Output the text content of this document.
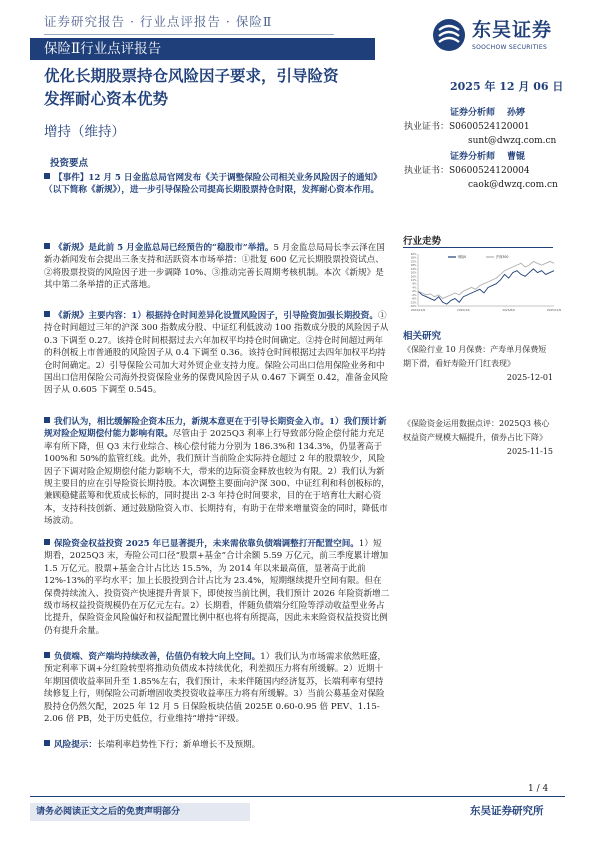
证券研究报告 · 行业点评报告 · 保险Ⅱ
保险Ⅱ行业点评报告
东吴证券
SOOCHOW SECURITIES
优化长期股票持仓风险因子要求，引导险资
发挥耐心资本优势
增持（维持）
2025 年 12 月 06 日
证券分析师 孙婷
执业证书：S0600524120001
sunt@dwzq.com.cn
证券分析师 曹锟
执业证书：S0600524120004
caok@dwzq.com.cn
投资要点
【事件】12 月 5 日金监总局官网发布《关于调整保险公司相关业务风险因子的通知》（以下简称《新规》），进一步引导保险公司提高长期股票持仓时限，发挥耐心资本作用。
《新规》是此前 5 月金监总局已经预告的“稳股市”举措。5 月金监总局局长李云泽在国新办新闻发布会提出三条支持和活跃资本市场举措：①批复 600 亿元长期股票投资试点、②将股票投资的风险因子进一步调降 10%、③推动完善长周期考核机制。本次《新规》是其中第二条举措的正式落地。
《新规》主要内容：1）根据持仓时间差异化设置风险因子，引导险资加强长期投资。①持仓时间超过三年的沪深 300 指数成分股、中证红利低波动 100 指数成分股的风险因子从 0.3 下调至 0.27。该持仓时间根据过去六年加权平均持仓时间确定。②持仓时间超过两年的科创板上市普通股的风险因子从 0.4 下调至 0.36。该持仓时间根据过去四年加权平均持仓时间确定。2）引导保险公司加大对外贸企业支持力度。保险公司出口信用保险业务和中国出口信用保险公司海外投资保险业务的保费风险因子从 0.467 下调至 0.42，准备金风险因子从 0.605 下调至 0.545。
我们认为，相比缓解险企资本压力，新规本意更在于引导长期资金入市。1）我们预计新规对险企短期偿付能力影响有限。尽管由于 2025Q3 利率上行导致部分险企偿付能力充足率有所下降，但 Q3 末行业综合、核心偿付能力分别为 186.3%和 134.3%，仍显著高于 100%和 50%的监管红线。此外，我们预计当前险企实际持仓超过 2 年的股票较少，风险因子下调对险企短期偿付能力影响不大，带来的边际资金释放也较为有限。2）我们认为新规主要目的应在引导险资长期持股。本次调整主要面向沪深 300、中证红利和科创板标的，兼顾稳健蓝筹和优质成长标的，同时提出 2-3 年持仓时间要求，目的在于培育壮大耐心资本，支持科技创新、通过鼓励险资入市、长期持有，有助于在带来增量资金的同时，降低市场波动。
保险资金权益投资 2025 年已显著提升，未来需依靠负债端调整打开配置空间。1）短期看，2025Q3 末，寿险公司口径“股票+基金”合计余额 5.59 万亿元，前三季度累计增加 1.5 万亿元。股票+基金合计占比达 15.5%，为 2014 年以来最高值，显著高于此前 12%-13%的平均水平；加上长股投到合计占比为 23.4%，短期继续提升空间有限。但在保费持续流入、投资资产快速提升背景下，即使按当前比例，我们预计 2026 年险资新增二级市场权益投资规模仍在万亿元左右。2）长期看，伴随负债端分红险等浮动收益型业务占比提升，保险资金风险偏好和权益配置比例中枢也将有所提高，因此未来险资权益投资比例仍有提升余量。
负债端、资产端均持续改善，估值仍有较大向上空间。1）我们认为市场需求依然旺盛，预定利率下调+分红险转型将推动负债成本持续优化，利差损压力将有所缓解。2）近期十年期国债收益率回升至 1.85%左右，我们预计，未来伴随国内经济复苏，长端利率有望持续修复上行，则保险公司新增固收类投资收益率压力将有所缓解。3）当前公募基金对保险股持仓仍然欠配，2025 年 12 月 5 日保险板块估值 2025E 0.60-0.95 倍 PEV、1.15-2.06 倍 PB，处于历史低位，行业维持“增持”评级。
风险提示：长端利率趋势性下行；新单增长不及预期。
行业走势
-16%
-12%
-8%
-4%
0%
4%
8%
12%
16%
20%
24%
28%
32%
36%
40%
2024/12/6	2025/4/6	2025/8/6	2025/12/6
保险Ⅱ	沪深300
相关研究
《保险行业 10 月保费：产寿单月保费短期下滑，看好寿险开门红表现》
2025-12-01
《保险资金运用数据点评：2025Q3 核心权益资产规模大幅提升，债券占比下降》
2025-11-15
1 / 4
请务必阅读正文之后的免责声明部分	东吴证券研究所
